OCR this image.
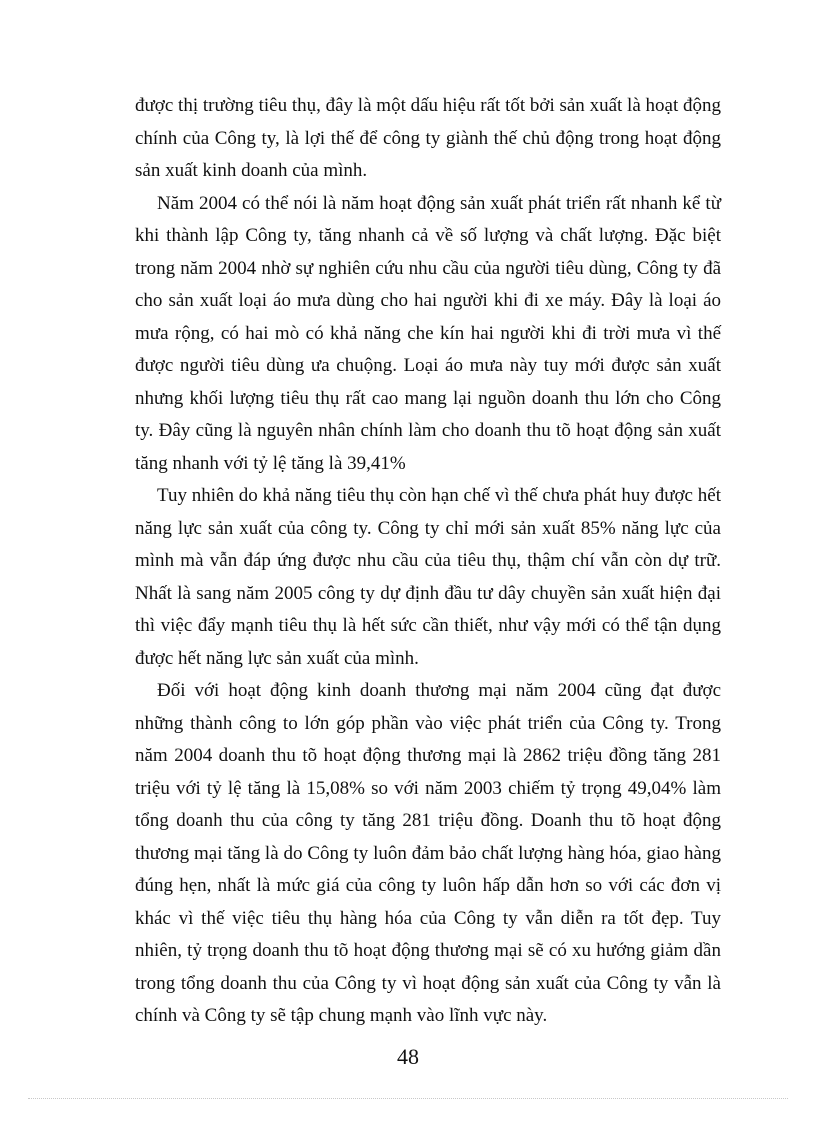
được thị trường tiêu thụ, đây là một dấu hiệu rất tốt bởi sản xuất là hoạt động chính của Công ty, là lợi thế để công ty giành thế chủ động trong hoạt động sản xuất kinh doanh của mình.

Năm 2004 có thể nói là năm hoạt động sản xuất phát triển rất nhanh kể từ khi thành lập Công ty, tăng nhanh cả về số lượng và chất lượng. Đặc biệt trong năm 2004 nhờ sự nghiên cứu nhu cầu của người tiêu dùng, Công ty đã cho sản xuất loại áo mưa dùng cho hai người khi đi xe máy. Đây là loại áo mưa rộng, có hai mò có khả năng che kín hai người khi đi trời mưa vì thế được người tiêu dùng ưa chuộng. Loại áo mưa này tuy mới được sản xuất nhưng khối lượng tiêu thụ rất cao mang lại nguồn doanh thu lớn cho Công ty. Đây cũng là nguyên nhân chính làm cho doanh thu tõ hoạt động sản xuất tăng nhanh với tỷ lệ tăng là 39,41%

Tuy nhiên do khả năng tiêu thụ còn hạn chế vì thế chưa phát huy được hết năng lực sản xuất của công ty. Công ty chỉ mới sản xuất 85% năng lực của mình mà vẫn đáp ứng được nhu cầu của tiêu thụ, thậm chí vẫn còn dự trữ. Nhất là sang năm 2005 công ty dự định đầu tư dây chuyền sản xuất hiện đại thì việc đẩy mạnh tiêu thụ là hết sức cần thiết, như vậy mới có thể tận dụng được hết năng lực sản xuất của mình.

Đối với hoạt động kinh doanh thương mại năm 2004 cũng đạt được những thành công to lớn góp phần vào việc phát triển của Công ty. Trong năm 2004 doanh thu tõ hoạt động thương mại là 2862 triệu đồng tăng 281 triệu với tỷ lệ tăng là 15,08% so với năm 2003 chiếm tỷ trọng 49,04% làm tổng doanh thu của công ty tăng 281 triệu đồng. Doanh thu tõ hoạt động thương mại tăng là do Công ty luôn đảm bảo chất lượng hàng hóa, giao hàng đúng hẹn, nhất là mức giá của công ty luôn hấp dẫn hơn so với các đơn vị khác vì thế việc tiêu thụ hàng hóa của Công ty vẫn diễn ra tốt đẹp. Tuy nhiên, tỷ trọng doanh thu tõ hoạt động thương mại sẽ có xu hướng giảm dần trong tổng doanh thu của Công ty vì hoạt động sản xuất của Công ty vẫn là chính và Công ty sẽ tập chung mạnh vào lĩnh vực này.

48
